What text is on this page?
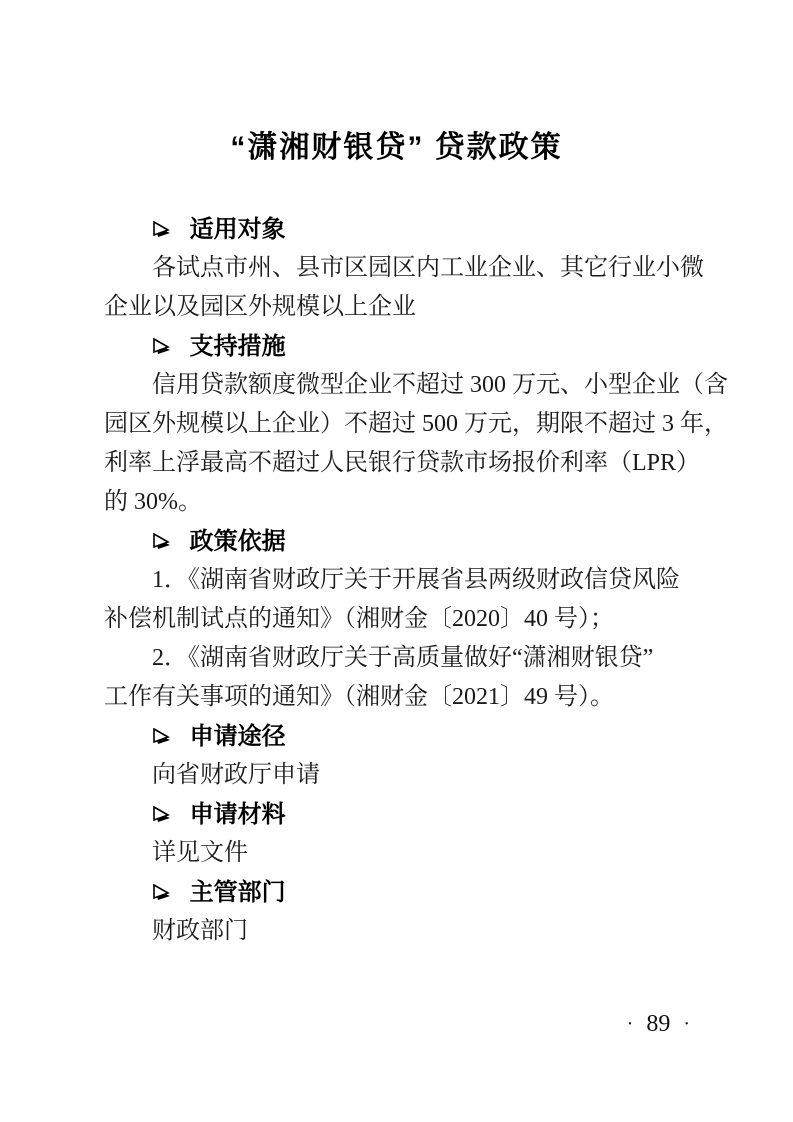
“潇湘财银贷” 贷款政策
适用对象
各试点市州、县市区园区内工业企业、其它行业小微
企业以及园区外规模以上企业
支持措施
信用贷款额度微型企业不超过 300 万元、小型企业（含
园区外规模以上企业）不超过 500 万元，期限不超过 3 年，
利率上浮最高不超过人民银行贷款市场报价利率（LPR）
的 30%。
政策依据
1．《湖南省财政厅关于开展省县两级财政信贷风险
补偿机制试点的通知》（湘财金〔2020〕40 号）；
2．《湖南省财政厅关于高质量做好“潇湘财银贷”
工作有关事项的通知》（湘财金〔2021〕49 号）。
申请途径
向省财政厅申请
申请材料
详见文件
主管部门
财政部门
· 89 ·
